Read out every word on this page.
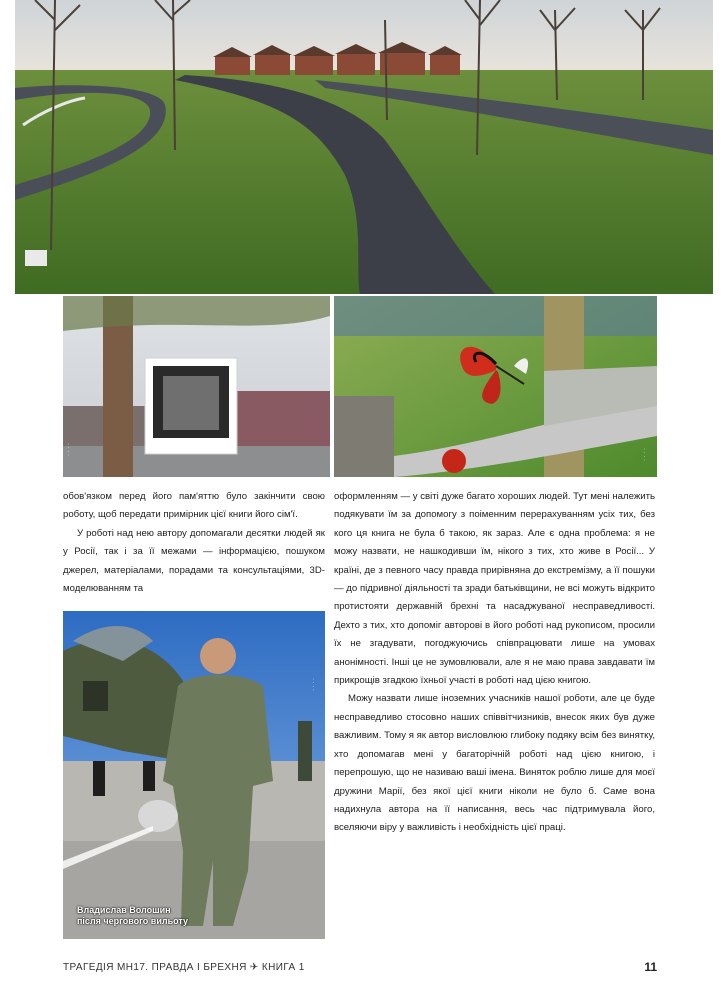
· · · ·	· · · ·
· · · ·
Владислав Волошин
після чергового вильоту

обов'язком перед його пам'яттю було закінчити свою роботу, щоб передати примірник цієї книги його сім'ї.

У роботі над нею автору допомагали десятки людей як у Росії, так і за її межами — інформацією, пошуком джерел, матеріалами, порадами та консультаціями, 3D-моделюванням та

оформленням — у світі дуже багато хороших людей. Тут мені належить подякувати їм за допомогу з поіменним перерахуванням усіх тих, без кого ця книга не була б такою, як зараз. Але є одна проблема: я не можу назвати, не нашкодивши їм, нікого з тих, хто живе в Росії... У країні, де з певного часу правда прирівняна до екстремізму, а її пошуки — до підривної діяльності та зради батьківщини, не всі можуть відкрито протистояти державній брехні та насаджуваної несправедливості. Дехто з тих, хто допоміг авторові в його роботі над рукописом, просили їх не згадувати, погоджуючись співпрацювати лише на умовах анонімності. Інші це не зумовлювали, але я не маю права завдавати їм прикрощів згадкою їхньої участі в роботі над цією книгою.

Можу назвати лише іноземних учасників нашої роботи, але це буде несправедливо стосовно наших співвітчизників, внесок яких був дуже важливим. Тому я як автор висловлюю глибоку подяку всім без винятку, хто допомагав мені у багаторічній роботі над цією книгою, і перепрошую, що не називаю ваші імена. Виняток роблю лише для моєї дружини Марії, без якої цієї книги ніколи не було б. Саме вона надихнула автора на її написання, весь час підтримувала його, вселяючи віру у важливість і необхідність цієї праці.

ТРАГЕДІЯ МН17. ПРАВДА І БРЕХНЯ ✈ КНИГА 1	11
